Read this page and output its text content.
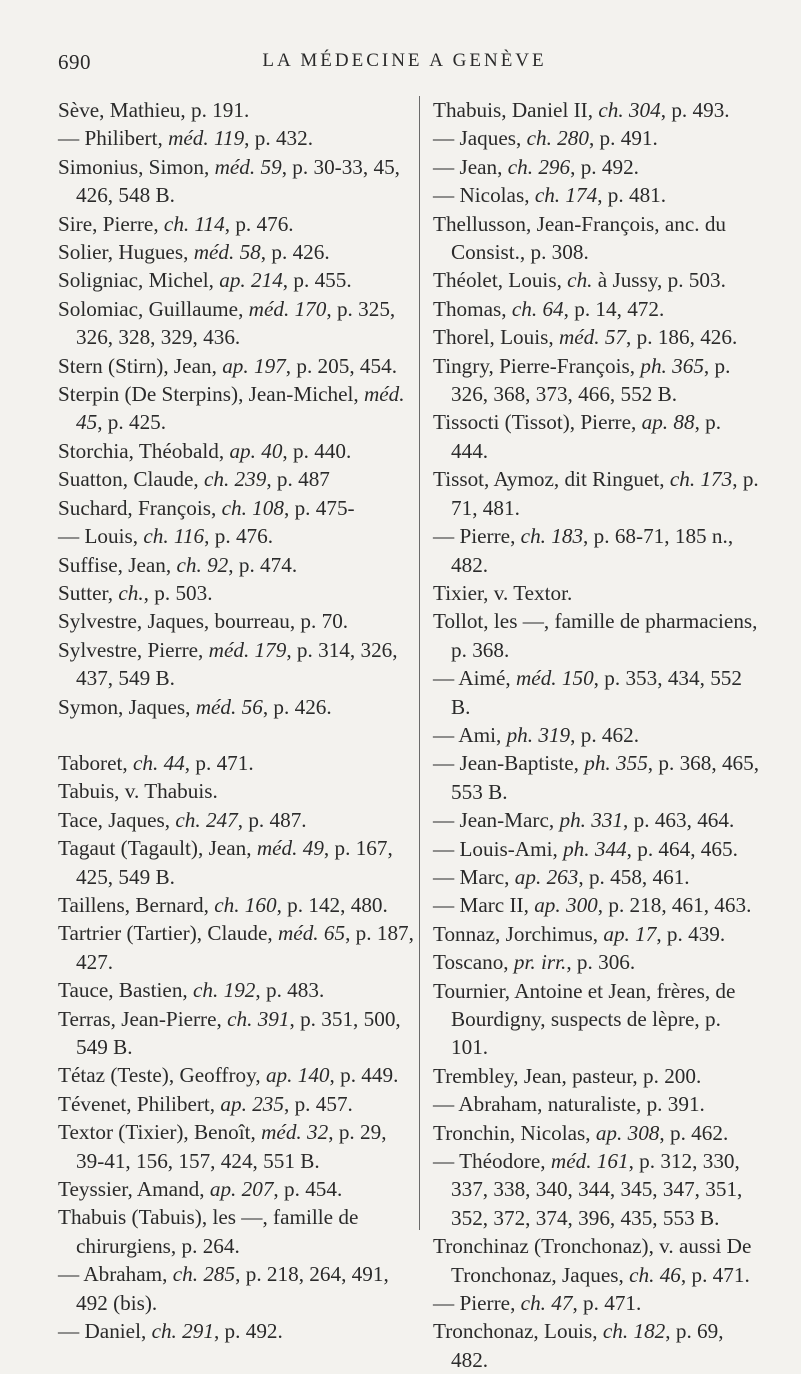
690	LA MÉDECINE A GENÈVE

Sève, Mathieu, p. 191.

— Philibert, méd. 119, p. 432.

Simonius, Simon, méd. 59, p. 30-33, 45, 426, 548 B.

Sire, Pierre, ch. 114, p. 476.

Solier, Hugues, méd. 58, p. 426.

Soligniac, Michel, ap. 214, p. 455.

Solomiac, Guillaume, méd. 170, p. 325, 326, 328, 329, 436.

Stern (Stirn), Jean, ap. 197, p. 205, 454.

Sterpin (De Sterpins), Jean-Michel, méd. 45, p. 425.

Storchia, Théobald, ap. 40, p. 440.

Suatton, Claude, ch. 239, p. 487

Suchard, François, ch. 108, p. 475-

— Louis, ch. 116, p. 476.

Suffise, Jean, ch. 92, p. 474.

Sutter, ch., p. 503.

Sylvestre, Jaques, bourreau, p. 70.

Sylvestre, Pierre, méd. 179, p. 314, 326, 437, 549 B.

Symon, Jaques, méd. 56, p. 426.

Taboret, ch. 44, p. 471.

Tabuis, v. Thabuis.

Tace, Jaques, ch. 247, p. 487.

Tagaut (Tagault), Jean, méd. 49, p. 167, 425, 549 B.

Taillens, Bernard, ch. 160, p. 142, 480.

Tartrier (Tartier), Claude, méd. 65, p. 187, 427.

Tauce, Bastien, ch. 192, p. 483.

Terras, Jean-Pierre, ch. 391, p. 351, 500, 549 B.

Tétaz (Teste), Geoffroy, ap. 140, p. 449.

Tévenet, Philibert, ap. 235, p. 457.

Textor (Tixier), Benoît, méd. 32, p. 29, 39-41, 156, 157, 424, 551 B.

Teyssier, Amand, ap. 207, p. 454.

Thabuis (Tabuis), les —, famille de chirurgiens, p. 264.

— Abraham, ch. 285, p. 218, 264, 491, 492 (bis).

— Daniel, ch. 291, p. 492.

Thabuis, Daniel II, ch. 304, p. 493.

— Jaques, ch. 280, p. 491.

— Jean, ch. 296, p. 492.

— Nicolas, ch. 174, p. 481.

Thellusson, Jean-François, anc. du Consist., p. 308.

Théolet, Louis, ch. à Jussy, p. 503.

Thomas, ch. 64, p. 14, 472.

Thorel, Louis, méd. 57, p. 186, 426.

Tingry, Pierre-François, ph. 365, p. 326, 368, 373, 466, 552 B.

Tissocti (Tissot), Pierre, ap. 88, p. 444.

Tissot, Aymoz, dit Ringuet, ch. 173, p. 71, 481.

— Pierre, ch. 183, p. 68-71, 185 n., 482.

Tixier, v. Textor.

Tollot, les —, famille de pharmaciens, p. 368.

— Aimé, méd. 150, p. 353, 434, 552 B.

— Ami, ph. 319, p. 462.

— Jean-Baptiste, ph. 355, p. 368, 465, 553 B.

— Jean-Marc, ph. 331, p. 463, 464.

— Louis-Ami, ph. 344, p. 464, 465.

— Marc, ap. 263, p. 458, 461.

— Marc II, ap. 300, p. 218, 461, 463.

Tonnaz, Jorchimus, ap. 17, p. 439.

Toscano, pr. irr., p. 306.

Tournier, Antoine et Jean, frères, de Bourdigny, suspects de lèpre, p. 101.

Trembley, Jean, pasteur, p. 200.

— Abraham, naturaliste, p. 391.

Tronchin, Nicolas, ap. 308, p. 462.

— Théodore, méd. 161, p. 312, 330, 337, 338, 340, 344, 345, 347, 351, 352, 372, 374, 396, 435, 553 B.

Tronchinaz (Tronchonaz), v. aussi De Tronchonaz, Jaques, ch. 46, p. 471.

— Pierre, ch. 47, p. 471.

Tronchonaz, Louis, ch. 182, p. 69, 482.
